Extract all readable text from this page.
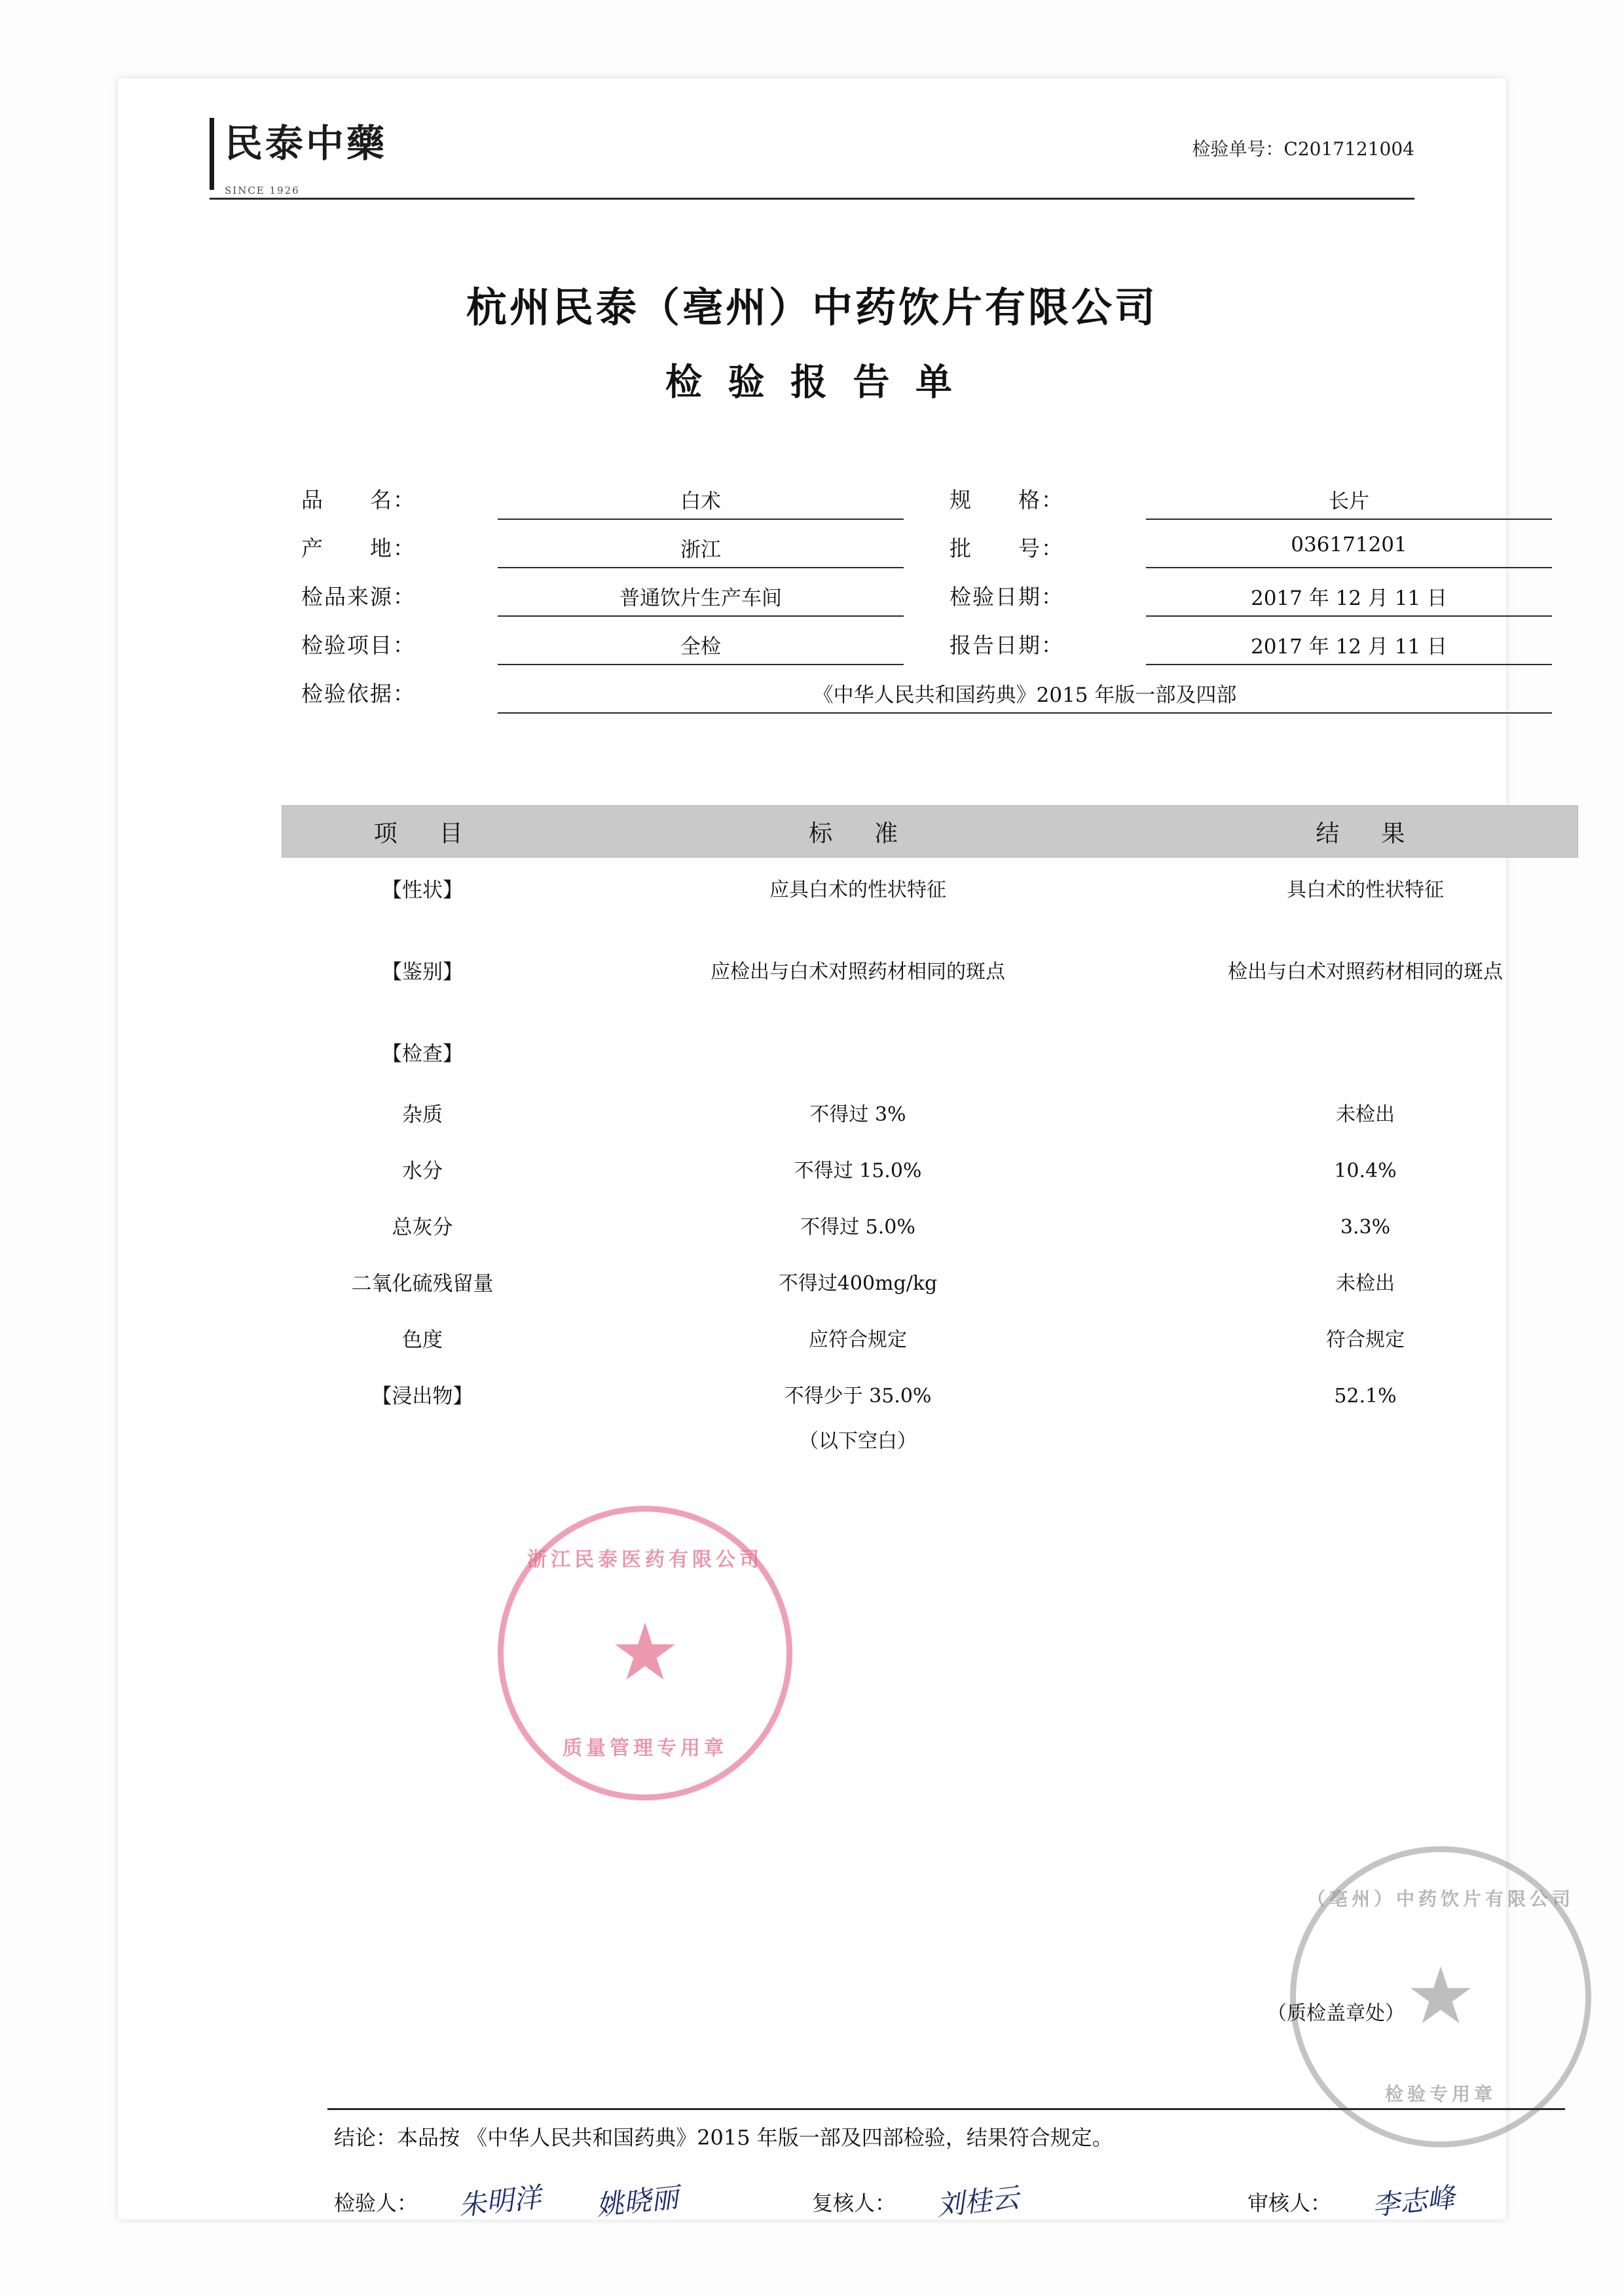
民泰中藥
SINCE 1926
检验单号：C2017121004
杭州民泰（亳州）中药饮片有限公司
检 验 报 告 单
品　　名：	白术	规　　格：	长片
产　　地：	浙江	批　　号：	036171201
检品来源：	普通饮片生产车间	检验日期：	2017 年 12 月 11 日
检验项目：	全检	报告日期：	2017 年 12 月 11 日
检验依据：	《中华人民共和国药典》2015 年版一部及四部
项　目	标　准	结　果
【性状】	应具白术的性状特征	具白术的性状特征
【鉴别】	应检出与白术对照药材相同的斑点	检出与白术对照药材相同的斑点
【检查】
杂质	不得过 3%	未检出
水分	不得过 15.0%	10.4%
总灰分	不得过 5.0%	3.3%
二氧化硫残留量	不得过400mg/kg	未检出
色度	应符合规定	符合规定
【浸出物】	不得少于 35.0%	52.1%
（以下空白）
浙江民泰医药有限公司
★
质量管理专用章
（亳州）中药饮片有限公司
★
检验专用章
（质检盖章处）
结论：本品按 《中华人民共和国药典》2015 年版一部及四部检验，结果符合规定。
检验人： 朱明洋 姚晓丽	复核人： 刘桂云	审核人： 李志峰
